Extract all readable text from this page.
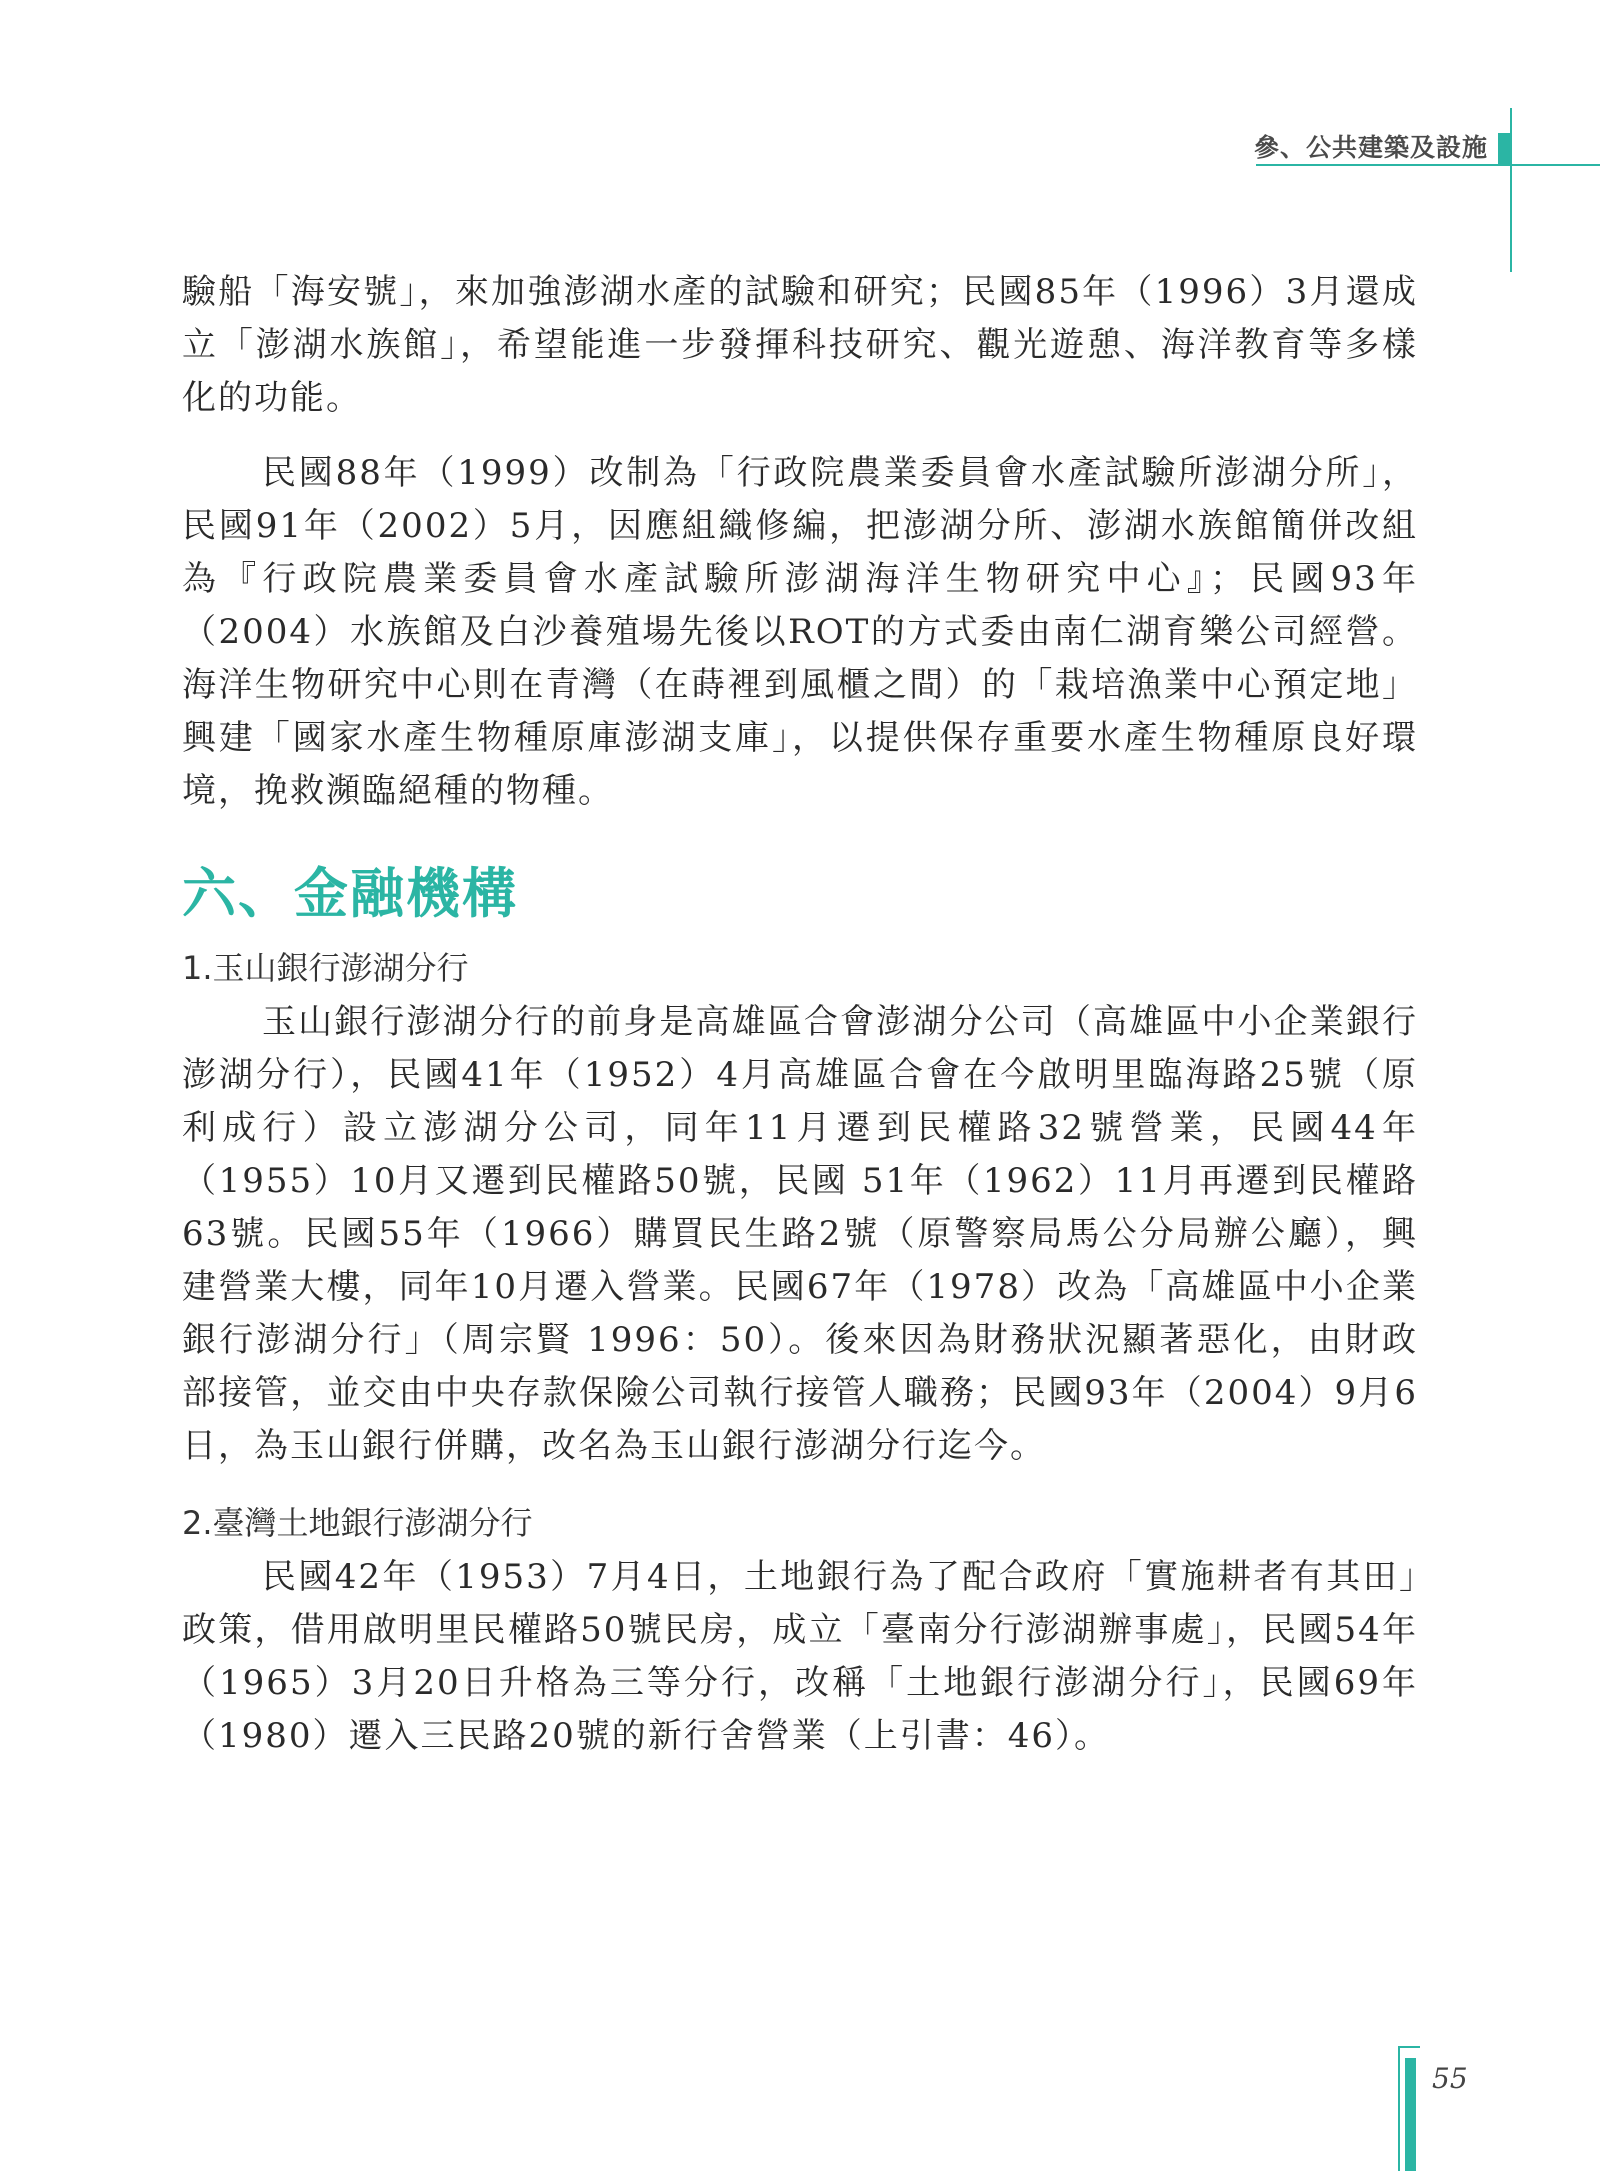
參、公共建築及設施

驗船「海安號」，來加強澎湖水產的試驗和研究；民國85年（1996）3月還成立「澎湖水族館」，希望能進一步發揮科技研究、觀光遊憩、海洋教育等多樣化的功能。

民國88年（1999）改制為「行政院農業委員會水產試驗所澎湖分所」，民國91年（2002）5月，因應組織修編，把澎湖分所、澎湖水族館簡併改組為『行政院農業委員會水產試驗所澎湖海洋生物研究中心』；民國93年（2004）水族館及白沙養殖場先後以ROT的方式委由南仁湖育樂公司經營。海洋生物研究中心則在青灣（在蒔裡到風櫃之間）的「栽培漁業中心預定地」興建「國家水產生物種原庫澎湖支庫」，以提供保存重要水產生物種原良好環境，挽救瀕臨絕種的物種。

六、金融機構
1.玉山銀行澎湖分行

玉山銀行澎湖分行的前身是高雄區合會澎湖分公司（高雄區中小企業銀行澎湖分行），民國41年（1952）4月高雄區合會在今啟明里臨海路25號（原利成行）設立澎湖分公司，同年11月遷到民權路32號營業，民國44年（1955）10月又遷到民權路50號，民國 51年（1962）11月再遷到民權路63號。民國55年（1966）購買民生路2號（原警察局馬公分局辦公廳），興建營業大樓，同年10月遷入營業。民國67年（1978）改為「高雄區中小企業銀行澎湖分行」（周宗賢 1996：50）。後來因為財務狀況顯著惡化，由財政部接管，並交由中央存款保險公司執行接管人職務；民國93年（2004）9月6日，為玉山銀行併購，改名為玉山銀行澎湖分行迄今。

2.臺灣土地銀行澎湖分行

民國42年（1953）7月4日，土地銀行為了配合政府「實施耕者有其田」政策，借用啟明里民權路50號民房，成立「臺南分行澎湖辦事處」，民國54年（1965）3月20日升格為三等分行，改稱「土地銀行澎湖分行」，民國69年（1980）遷入三民路20號的新行舍營業（上引書：46）。

55
